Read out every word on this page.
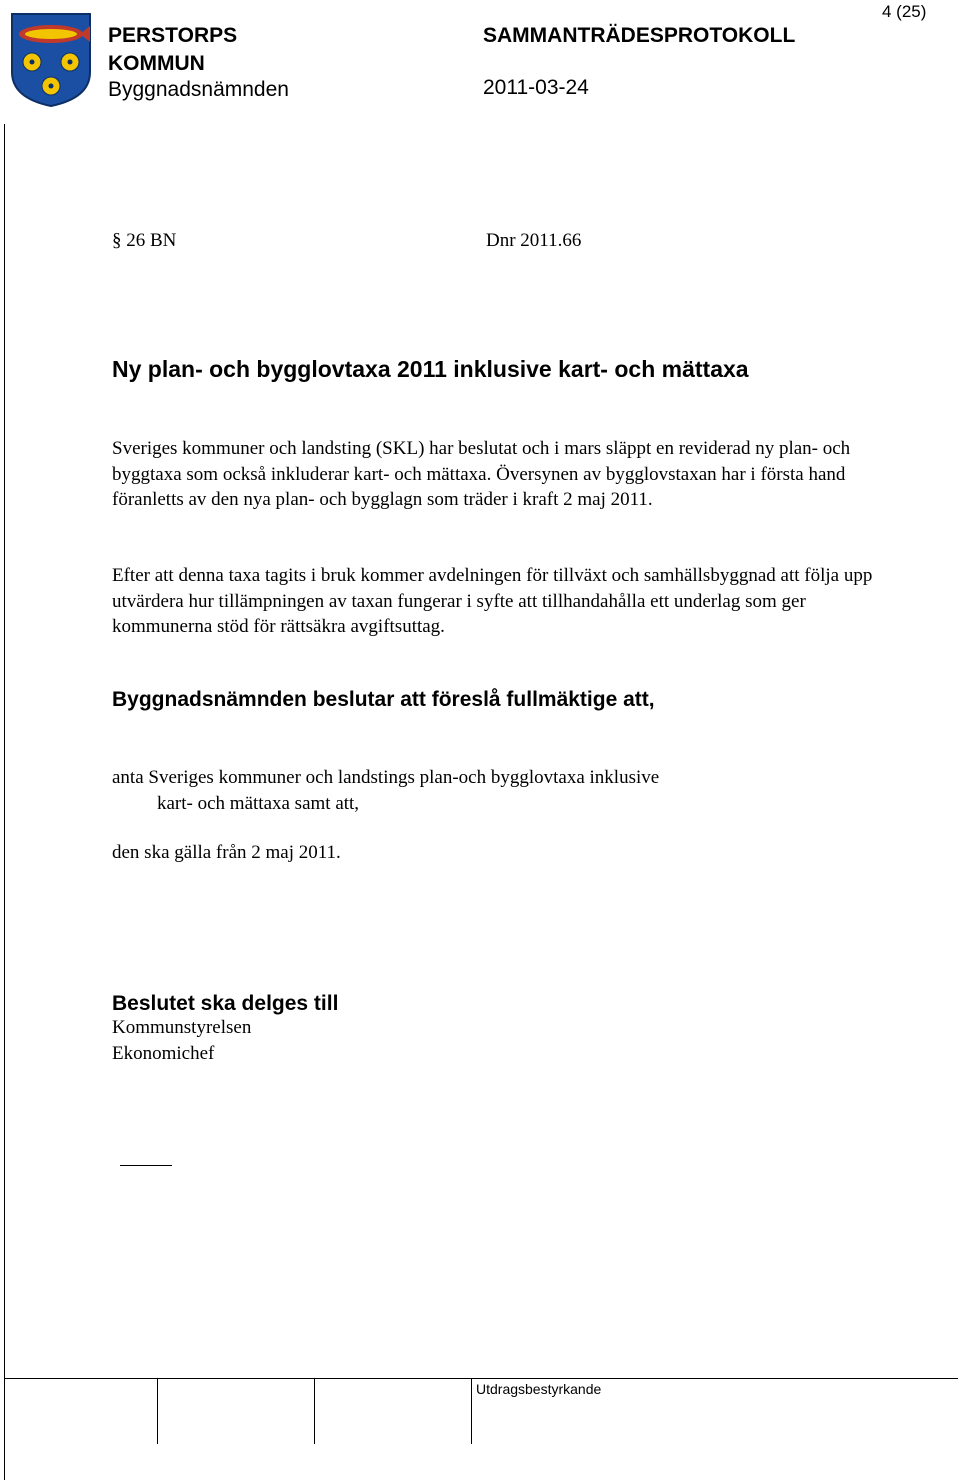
4 (25)
PERSTORPS
KOMMUN
Byggnadsnämnden
SAMMANTRÄDESPROTOKOLL
2011-03-24
§ 26 BN	Dnr 2011.66
Ny plan- och bygglovtaxa 2011 inklusive kart- och mättaxa
Sveriges kommuner och landsting (SKL) har beslutat och i mars släppt en reviderad ny plan- och byggtaxa som också inkluderar kart- och mättaxa. Översynen av bygglovstaxan har i första hand föranletts av den nya plan- och bygglagn som träder i kraft 2 maj 2011.
Efter att denna taxa tagits i bruk kommer avdelningen för tillväxt och samhällsbyggnad att följa upp utvärdera hur tillämpningen av taxan fungerar i syfte att tillhandahålla ett underlag som ger kommunerna stöd för rättsäkra avgiftsuttag.
Byggnadsnämnden beslutar att föreslå fullmäktige att,
anta Sveriges kommuner och landstings plan-och bygglovtaxa inklusive
kart- och mättaxa samt att,
den ska gälla från 2 maj 2011.
Beslutet ska delges till
Kommunstyrelsen
Ekonomichef
Utdragsbestyrkande
